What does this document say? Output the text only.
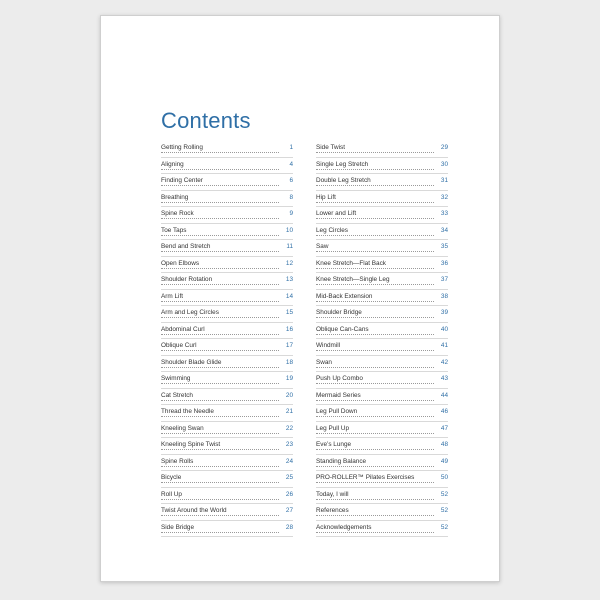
Contents
Getting Rolling	1
Aligning	4
Finding Center	6
Breathing	8
Spine Rock	9
Toe Taps	10
Bend and Stretch	11
Open Elbows	12
Shoulder Rotation	13
Arm Lift	14
Arm and Leg Circles	15
Abdominal Curl	16
Oblique Curl	17
Shoulder Blade Glide	18
Swimming	19
Cat Stretch	20
Thread the Needle	21
Kneeling Swan	22
Kneeling Spine Twist	23
Spine Rolls	24
Bicycle	25
Roll Up	26
Twist Around the World	27
Side Bridge	28
Side Twist	29
Single Leg Stretch	30
Double Leg Stretch	31
Hip Lift	32
Lower and Lift	33
Leg Circles	34
Saw	35
Knee Stretch—Flat Back	36
Knee Stretch—Single Leg	37
Mid-Back Extension	38
Shoulder Bridge	39
Oblique Can-Cans	40
Windmill	41
Swan	42
Push Up Combo	43
Mermaid Series	44
Leg Pull Down	46
Leg Pull Up	47
Eve’s Lunge	48
Standing Balance	49
PRO-ROLLER™ Pilates Exercises	50
Today, I will	52
References	52
Acknowledgements	52
